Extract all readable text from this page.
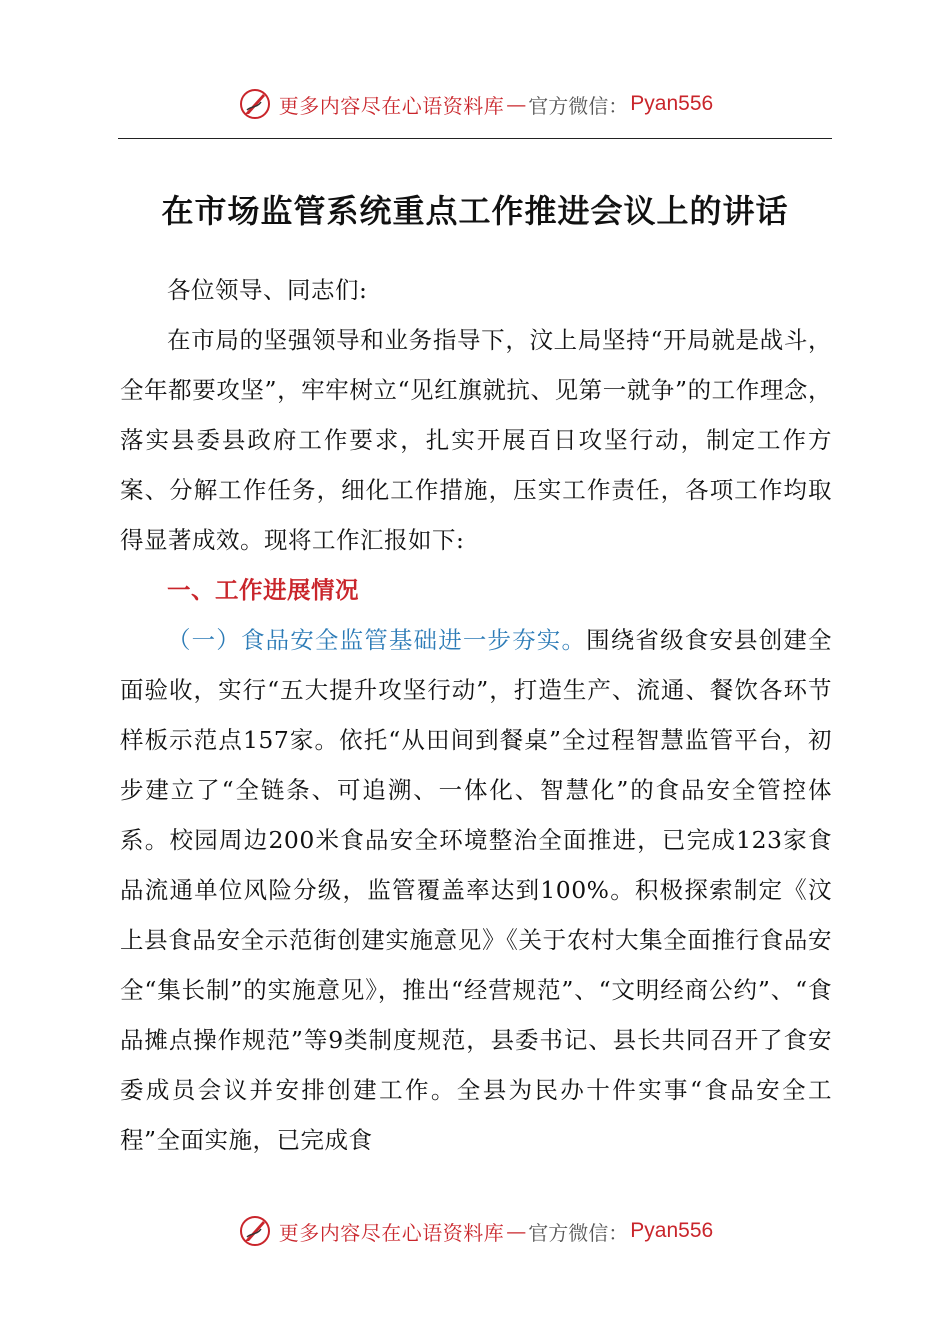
更多内容尽在心语资料库 — 官方微信： Pyan556
在市场监管系统重点工作推进会议上的讲话

各位领导、同志们:

在市局的坚强领导和业务指导下，汶上局坚持“开局就是战斗，全年都要攻坚”，牢牢树立“见红旗就抗、见第一就争”的工作理念，落实县委县政府工作要求，扎实开展百日攻坚行动，制定工作方案、分解工作任务，细化工作措施，压实工作责任，各项工作均取得显著成效。现将工作汇报如下:

一、工作进展情况

（一）食品安全监管基础进一步夯实。围绕省级食安县创建全面验收，实行“五大提升攻坚行动”，打造生产、流通、餐饮各环节样板示范点157家。依托“从田间到餐桌”全过程智慧监管平台，初步建立了“全链条、可追溯、一体化、智慧化”的食品安全管控体系。校园周边200米食品安全环境整治全面推进，已完成123家食品流通单位风险分级，监管覆盖率达到100%。积极探索制定《汶上县食品安全示范街创建实施意见》《关于农村大集全面推行食品安全“集长制”的实施意见》，推出“经营规范”、“文明经商公约”、“食品摊点操作规范”等9类制度规范，县委书记、县长共同召开了食安委成员会议并安排创建工作。全县为民办十件实事“食品安全工程”全面实施，已完成食

更多内容尽在心语资料库 — 官方微信： Pyan556
